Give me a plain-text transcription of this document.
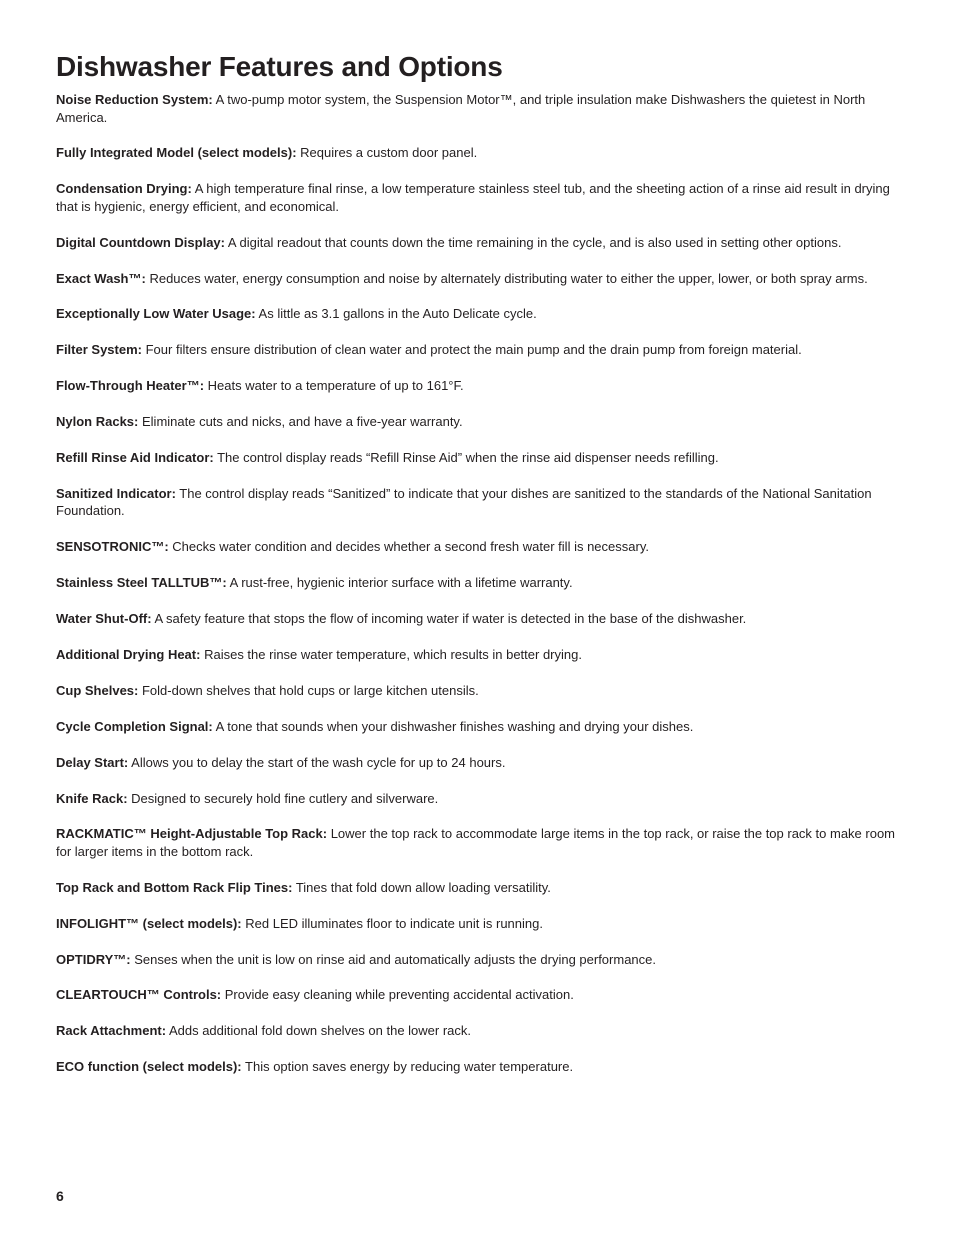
Dishwasher Features and Options

Noise Reduction System: A two-pump motor system, the Suspension Motor™, and triple insulation make Dishwashers the quietest in North America.

Fully Integrated Model (select models): Requires a custom door panel.

Condensation Drying: A high temperature final rinse, a low temperature stainless steel tub, and the sheeting action of a rinse aid result in drying that is hygienic, energy efficient, and economical.

Digital Countdown Display: A digital readout that counts down the time remaining in the cycle, and is also used in setting other options.

Exact Wash™: Reduces water, energy consumption and noise by alternately distributing water to either the upper, lower, or both spray arms.

Exceptionally Low Water Usage: As little as 3.1 gallons in the Auto Delicate cycle.

Filter System: Four filters ensure distribution of clean water and protect the main pump and the drain pump from foreign material.

Flow-Through Heater™: Heats water to a temperature of up to 161°F.

Nylon Racks: Eliminate cuts and nicks, and have a five-year warranty.

Refill Rinse Aid Indicator: The control display reads “Refill Rinse Aid” when the rinse aid dispenser needs refilling.

Sanitized Indicator: The control display reads “Sanitized” to indicate that your dishes are sanitized to the standards of the National Sanitation Foundation.

SENSOTRONIC™: Checks water condition and decides whether a second fresh water fill is necessary.

Stainless Steel TALLTUB™: A rust-free, hygienic interior surface with a lifetime warranty.

Water Shut-Off: A safety feature that stops the flow of incoming water if water is detected in the base of the dishwasher.

Additional Drying Heat: Raises the rinse water temperature, which results in better drying.

Cup Shelves: Fold-down shelves that hold cups or large kitchen utensils.

Cycle Completion Signal: A tone that sounds when your dishwasher finishes washing and drying your dishes.

Delay Start: Allows you to delay the start of the wash cycle for up to 24 hours.

Knife Rack: Designed to securely hold fine cutlery and silverware.

RACKMATIC™ Height-Adjustable Top Rack: Lower the top rack to accommodate large items in the top rack, or raise the top rack to make room for larger items in the bottom rack.

Top Rack and Bottom Rack Flip Tines: Tines that fold down allow loading versatility.

INFOLIGHT™ (select models): Red LED illuminates floor to indicate unit is running.

OPTIDRY™: Senses when the unit is low on rinse aid and automatically adjusts the drying performance.

CLEARTOUCH™ Controls: Provide easy cleaning while preventing accidental activation.

Rack Attachment: Adds additional fold down shelves on the lower rack.

ECO function (select models): This option saves energy by reducing water temperature.

6
